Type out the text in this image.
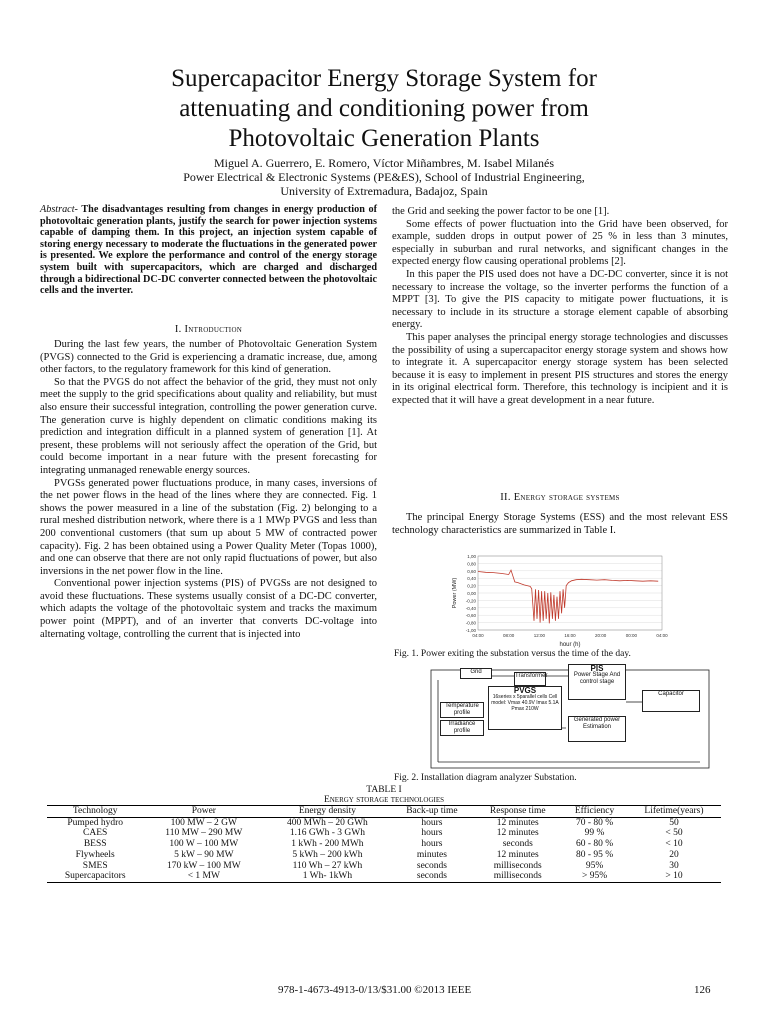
Supercapacitor Energy Storage System for
attenuating and conditioning power from
Photovoltaic Generation Plants
Miguel A. Guerrero, E. Romero, Víctor Miñambres, M. Isabel Milanés
Power Electrical & Electronic Systems (PE&ES), School of Industrial Engineering,
University of Extremadura, Badajoz, Spain
Abstract- The disadvantages resulting from changes in energy production of photovoltaic generation plants, justify the search for power injection systems capable of damping them. In this project, an injection system capable of storing energy necessary to moderate the fluctuations in the generated power is presented. We explore the performance and control of the energy storage system built with supercapacitors, which are charged and discharged through a bidirectional DC-DC converter connected between the photovoltaic cells and the inverter.
I. Introduction

During the last few years, the number of Photovoltaic Generation System (PVGS) connected to the Grid is experiencing a dramatic increase, due, among other factors, to the regulatory framework for this kind of generation.

So that the PVGS do not affect the behavior of the grid, they must not only meet the supply to the grid specifications about quality and reliability, but must also ensure their successful integration, controlling the power generation curve. The generation curve is highly dependent on climatic conditions making its prediction and integration difficult in a planned system of generation [1]. At present, these problems will not seriously affect the operation of the Grid, but could become important in a near future with the present forecasting for integrating unmanaged renewable energy sources.

PVGSs generated power fluctuations produce, in many cases, inversions of the net power flows in the head of the lines where they are connected. Fig. 1 shows the power measured in a line of the substation (Fig. 2) belonging to a rural meshed distribution network, where there is a 1 MWp PVGS and less than 200 conventional customers (that sum up about 5 MW of contracted power capacity). Fig. 2 has been obtained using a Power Quality Meter (Topas 1000), and one can observe that there are not only rapid fluctuations of power, but also inversions in the net power flow in the line.

Conventional power injection systems (PIS) of PVGSs are not designed to avoid these fluctuations. These systems usually consist of a DC-DC converter, which adapts the voltage of the photovoltaic system and tracks the maximum power point (MPPT), and of an inverter that converts DC-voltage into alternating voltage, controlling the current that is injected into

the Grid and seeking the power factor to be one [1].

Some effects of power fluctuation into the Grid have been observed, for example, sudden drops in output power of 25 % in less than 3 minutes, especially in suburban and rural networks, and significant changes in the expected energy flow causing operational problems [2].

In this paper the PIS used does not have a DC-DC converter, since it is not necessary to increase the voltage, so the inverter performs the function of a MPPT [3]. To give the PIS capacity to mitigate power fluctuations, it is necessary to include in its structure a storage element capable of absorbing energy.

This paper analyses the principal energy storage technologies and discusses the possibility of using a supercapacitor energy storage system and shows how to integrate it. A supercapacitor energy storage system has been selected because it is easy to implement in present PIS structures and stores the energy in its original electrical form. Therefore, this technology is incipient and it is expected that it will have a great development in a near future.

II. Energy storage systems

The principal Energy Storage Systems (ESS) and the most relevant ESS technology characteristics are summarized in Table I.

1,00
0,80
0,60
0,40
0,20
0,00
-0,20
-0,40
-0,60
-0,80
-1,00
04:00	08:00	12:00	16:00	20:00	00:00	04:00
hour (h)
Power (MW)
Fig. 1. Power exiting the substation versus the time of the day.
Grid
Transformer
PIS
Power Stage And control stage
PVGS
16series x 5parallel cells Cell model: Vmax 40.9V Imax 5.1A Pmax 210W
Temperature profile
Irradiance profile
Generated power Estimation
Capacitor
Fig. 2. Installation diagram analyzer Substation.
TABLE I
Energy storage technologies
Technology	Power	Energy density	Back-up time	Response time	Efficiency	Lifetime(years)
Pumped hydro	100 MW – 2 GW	400 MWh – 20 GWh	hours	12 minutes	70 - 80 %	50
CAES	110 MW – 290 MW	1.16 GWh - 3 GWh	hours	12 minutes	99 %	< 50
BESS	100 W – 100 MW	1 kWh - 200 MWh	hours	seconds	60 - 80 %	< 10
Flywheels	5 kW – 90 MW	5 kWh – 200 kWh	minutes	12 minutes	80 - 95 %	20
SMES	170 kW – 100 MW	110 Wh – 27 kWh	seconds	milliseconds	95%	30
Supercapacitors	< 1 MW	1 Wh- 1kWh	seconds	milliseconds	> 95%	> 10
978-1-4673-4913-0/13/$31.00 ©2013 IEEE	126
